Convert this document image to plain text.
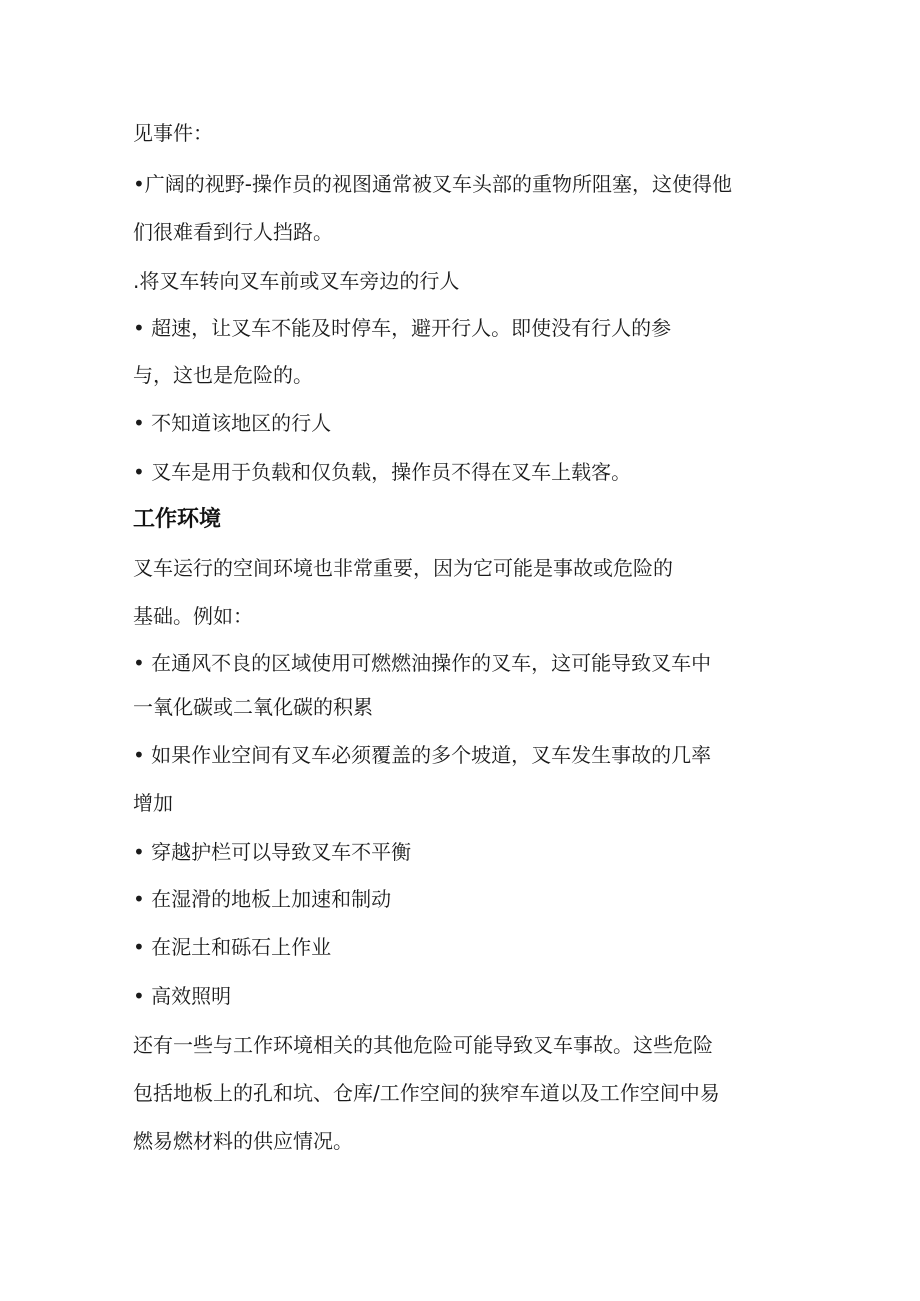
见事件：
•广阔的视野-操作员的视图通常被叉车头部的重物所阻塞，这使得他
们很难看到行人挡路。
.将叉车转向叉车前或叉车旁边的行人
• 超速，让叉车不能及时停车，避开行人。即使没有行人的参
与，这也是危险的。
• 不知道该地区的行人
• 叉车是用于负载和仅负载，操作员不得在叉车上载客。
工作环境
叉车运行的空间环境也非常重要，因为它可能是事故或危险的
基础。例如：
• 在通风不良的区域使用可燃燃油操作的叉车，这可能导致叉车中
一氧化碳或二氧化碳的积累
• 如果作业空间有叉车必须覆盖的多个坡道，叉车发生事故的几率
增加
• 穿越护栏可以导致叉车不平衡
• 在湿滑的地板上加速和制动
• 在泥土和砾石上作业
• 高效照明
还有一些与工作环境相关的其他危险可能导致叉车事故。这些危险
包括地板上的孔和坑、仓库/工作空间的狭窄车道以及工作空间中易
燃易燃材料的供应情况。
